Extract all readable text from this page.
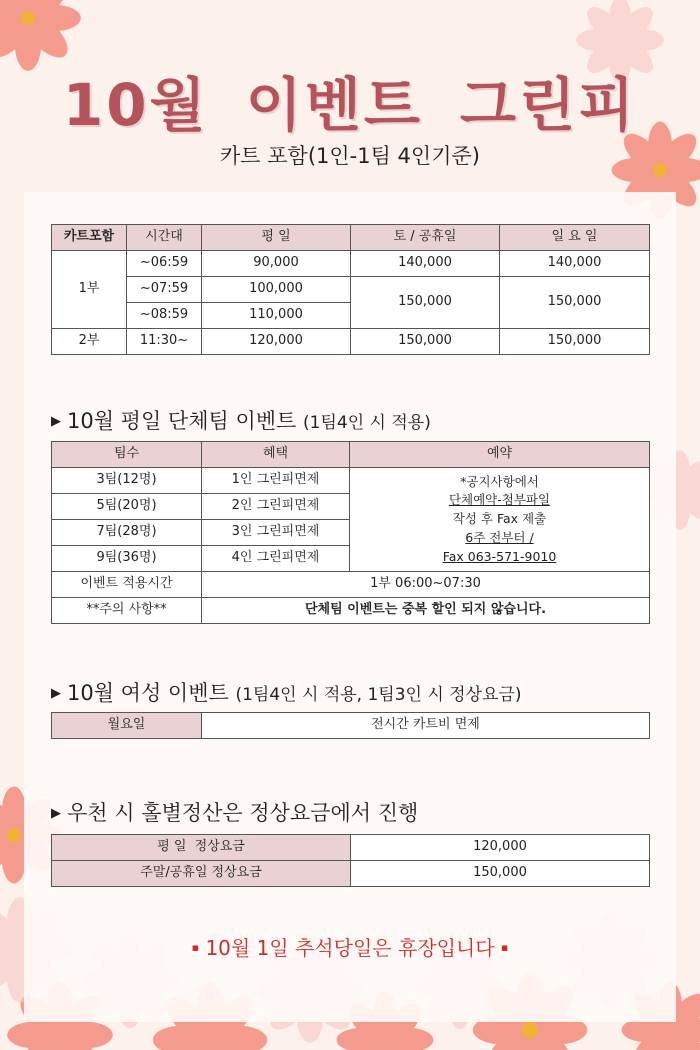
10월 이벤트 그린피
카트 포함(1인-1팀 4인기준)
카트포함	시간대	평 일	토 / 공휴일	일 요 일
1부	~06:59	90,000	140,000	140,000
	~07:59	100,000	150,000	150,000
	~08:59	110,000		
2부	11:30~	120,000	150,000	150,000
▶ 10월 평일 단체팀 이벤트 (1팀4인 시 적용)
팀수	혜택	예약
3팀(12명)	1인 그린피면제	*공지사항에서
단체예약-첨부파일
작성 후 Fax 제출
6주 전부터 /
Fax 063-571-9010

5팀(20명)	2인 그린피면제	
7팀(28명)	3인 그린피면제	
9팀(36명)	4인 그린피면제	
이벤트 적용시간	1부 06:00~07:30	
**주의 사항**	단체팀 이벤트는 중복 할인 되지 않습니다.	
▶ 10월 여성 이벤트 (1팀4인 시 적용, 1팀3인 시 정상요금)
월요일	전시간 카트비 면제
▶ 우천 시 홀별정산은 정상요금에서 진행
평 일  정상요금	120,000
주말/공휴일 정상요금	150,000
▪ 10월 1일 추석당일은 휴장입니다 ▪
